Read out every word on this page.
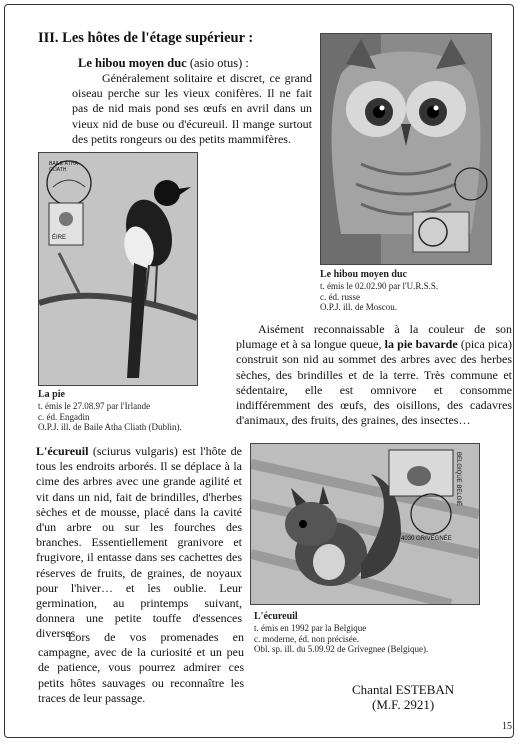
III. Les hôtes de l'étage supérieur :
Le hibou moyen duc (asio otus) :
Généralement solitaire et discret, ce grand oiseau perche sur les vieux conifères. Il ne fait pas de nid mais pond ses œufs en avril dans un vieux nid de buse ou d'écureuil. Il mange surtout des petits rongeurs ou des petits mammifères.
Le hibou moyen duc
t. émis le 02.02.90 par l'U.R.S.S.
c. éd. russe
O.P.J. ill. de Moscou.
ÉIRE
BAILE ÁTHA CLIATH
La pie
t. émis le 27.08.97 par l'Irlande
c. éd. Engadin
O.P.J. ill. de Baile Atha Cliath (Dublin).
Aisément reconnaissable à la couleur de son plumage et à sa longue queue, la pie bavarde (pica pica) construit son nid au sommet des arbres avec des herbes sèches, des brindilles et de la terre. Très commune et sédentaire, elle est omnivore et consomme indifféremment des œufs, des oisillons, des cadavres d'animaux, des fruits, des graines, des insectes…
BELGIQUE BELGIË
4030 GRIVEGNÉE
L'écureuil
t. émis en 1992 par la Belgique
c. moderne, éd. non précisée.
Obl. sp. ill. du 5.09.92 de Grivegnee (Belgique).
L'écureuil (sciurus vulgaris) est l'hôte de tous les endroits arborés. Il se déplace à la cime des arbres avec une grande agilité et vit dans un nid, fait de brindilles, d'herbes sèches et de mousse, placé dans la cavité d'un arbre ou sur les fourches des branches. Essentiellement granivore et frugivore, il entasse dans ses cachettes des réserves de fruits, de graines, de noyaux pour l'hiver… et les oublie. Leur germination, au printemps suivant, donnera une petite touffe d'essences diverses.
Lors de vos promenades en campagne, avec de la curiosité et un peu de patience, vous pourrez admirer ces petits hôtes sauvages ou reconnaître les traces de leur passage.
Chantal ESTEBAN
(M.F. 2921)
15
